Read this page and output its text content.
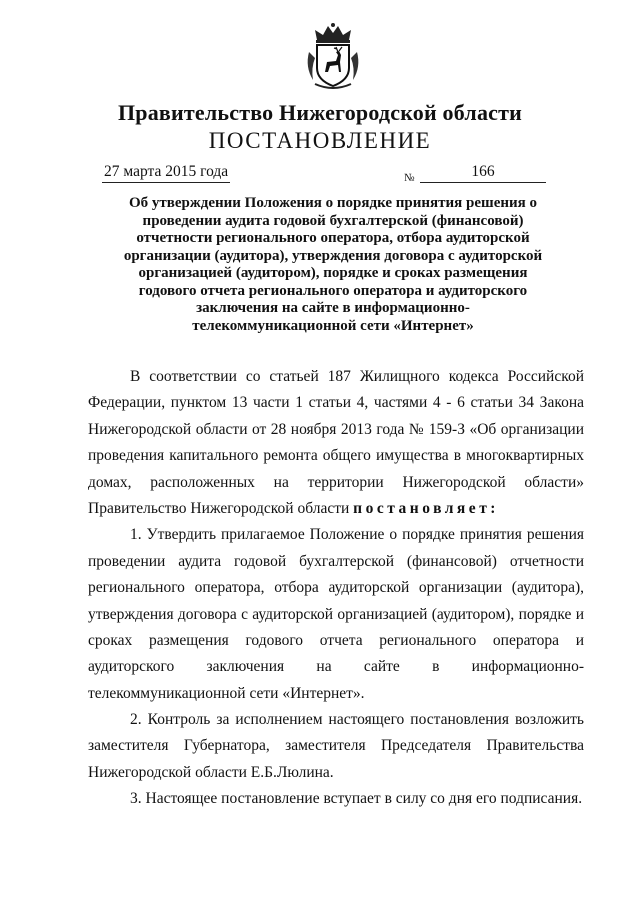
Правительство Нижегородской области
ПОСТАНОВЛЕНИЕ
27 марта 2015 года	№	166
Об утверждении Положения о порядке принятия решения о
проведении аудита годовой бухгалтерской (финансовой)
отчетности регионального оператора, отбора аудиторской
организации (аудитора), утверждения договора с аудиторской
организацией (аудитором), порядке и сроках размещения
годового отчета регионального оператора и аудиторского
заключения на сайте в информационно-
телекоммуникационной сети «Интернет»
В соответствии со статьей 187 Жилищного кодекса Российской
Федерации, пунктом 13 части 1 статьи 4, частями 4 - 6 статьи 34 Закона
Нижегородской области от 28 ноября 2013 года № 159-З «Об организации
проведения капитального ремонта общего имущества в многоквартирных
домах, расположенных на территории Нижегородской области»
Правительство Нижегородской области постановляет:
1. Утвердить прилагаемое Положение о порядке принятия решения
проведении аудита годовой бухгалтерской (финансовой) отчетности
регионального оператора, отбора аудиторской организации (аудитора),
утверждения договора с аудиторской организацией (аудитором), порядке и
сроках размещения годового отчета регионального оператора и
аудиторского заключения на сайте в информационно-
телекоммуникационной сети «Интернет».
2. Контроль за исполнением настоящего постановления возложить
заместителя Губернатора, заместителя Председателя Правительства
Нижегородской области Е.Б.Люлина.
3. Настоящее постановление вступает в силу со дня его подписания.
